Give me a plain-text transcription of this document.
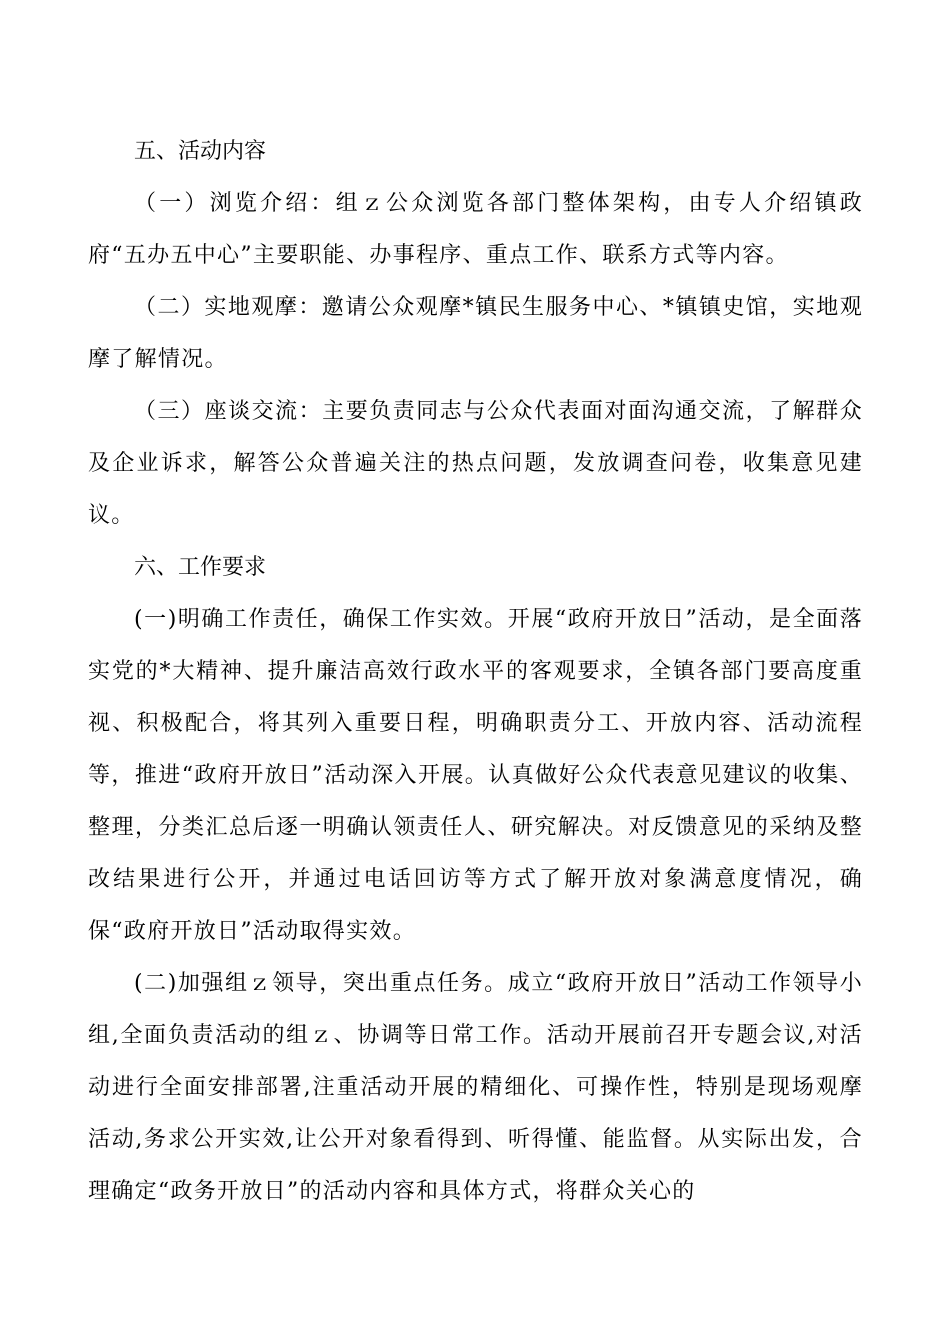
五、活动内容

（一）浏览介绍：组ｚ公众浏览各部门整体架构，由专人介绍镇政府“五办五中心”主要职能、办事程序、重点工作、联系方式等内容。

（二）实地观摩：邀请公众观摩*镇民生服务中心、*镇镇史馆，实地观摩了解情况。

（三）座谈交流：主要负责同志与公众代表面对面沟通交流，了解群众及企业诉求，解答公众普遍关注的热点问题，发放调查问卷，收集意见建议。

六、工作要求

(一)明确工作责任，确保工作实效。开展“政府开放日”活动，是全面落实党的*大精神、提升廉洁高效行政水平的客观要求，全镇各部门要高度重视、积极配合，将其列入重要日程，明确职责分工、开放内容、活动流程等，推进“政府开放日”活动深入开展。认真做好公众代表意见建议的收集、整理，分类汇总后逐一明确认领责任人、研究解决。对反馈意见的采纳及整改结果进行公开，并通过电话回访等方式了解开放对象满意度情况，确保“政府开放日”活动取得实效。

(二)加强组ｚ领导，突出重点任务。成立“政府开放日”活动工作领导小组,全面负责活动的组ｚ、协调等日常工作。活动开展前召开专题会议,对活动进行全面安排部署,注重活动开展的精细化、可操作性，特别是现场观摩活动,务求公开实效,让公开对象看得到、听得懂、能监督。从实际出发，合理确定“政务开放日”的活动内容和具体方式，将群众关心的
